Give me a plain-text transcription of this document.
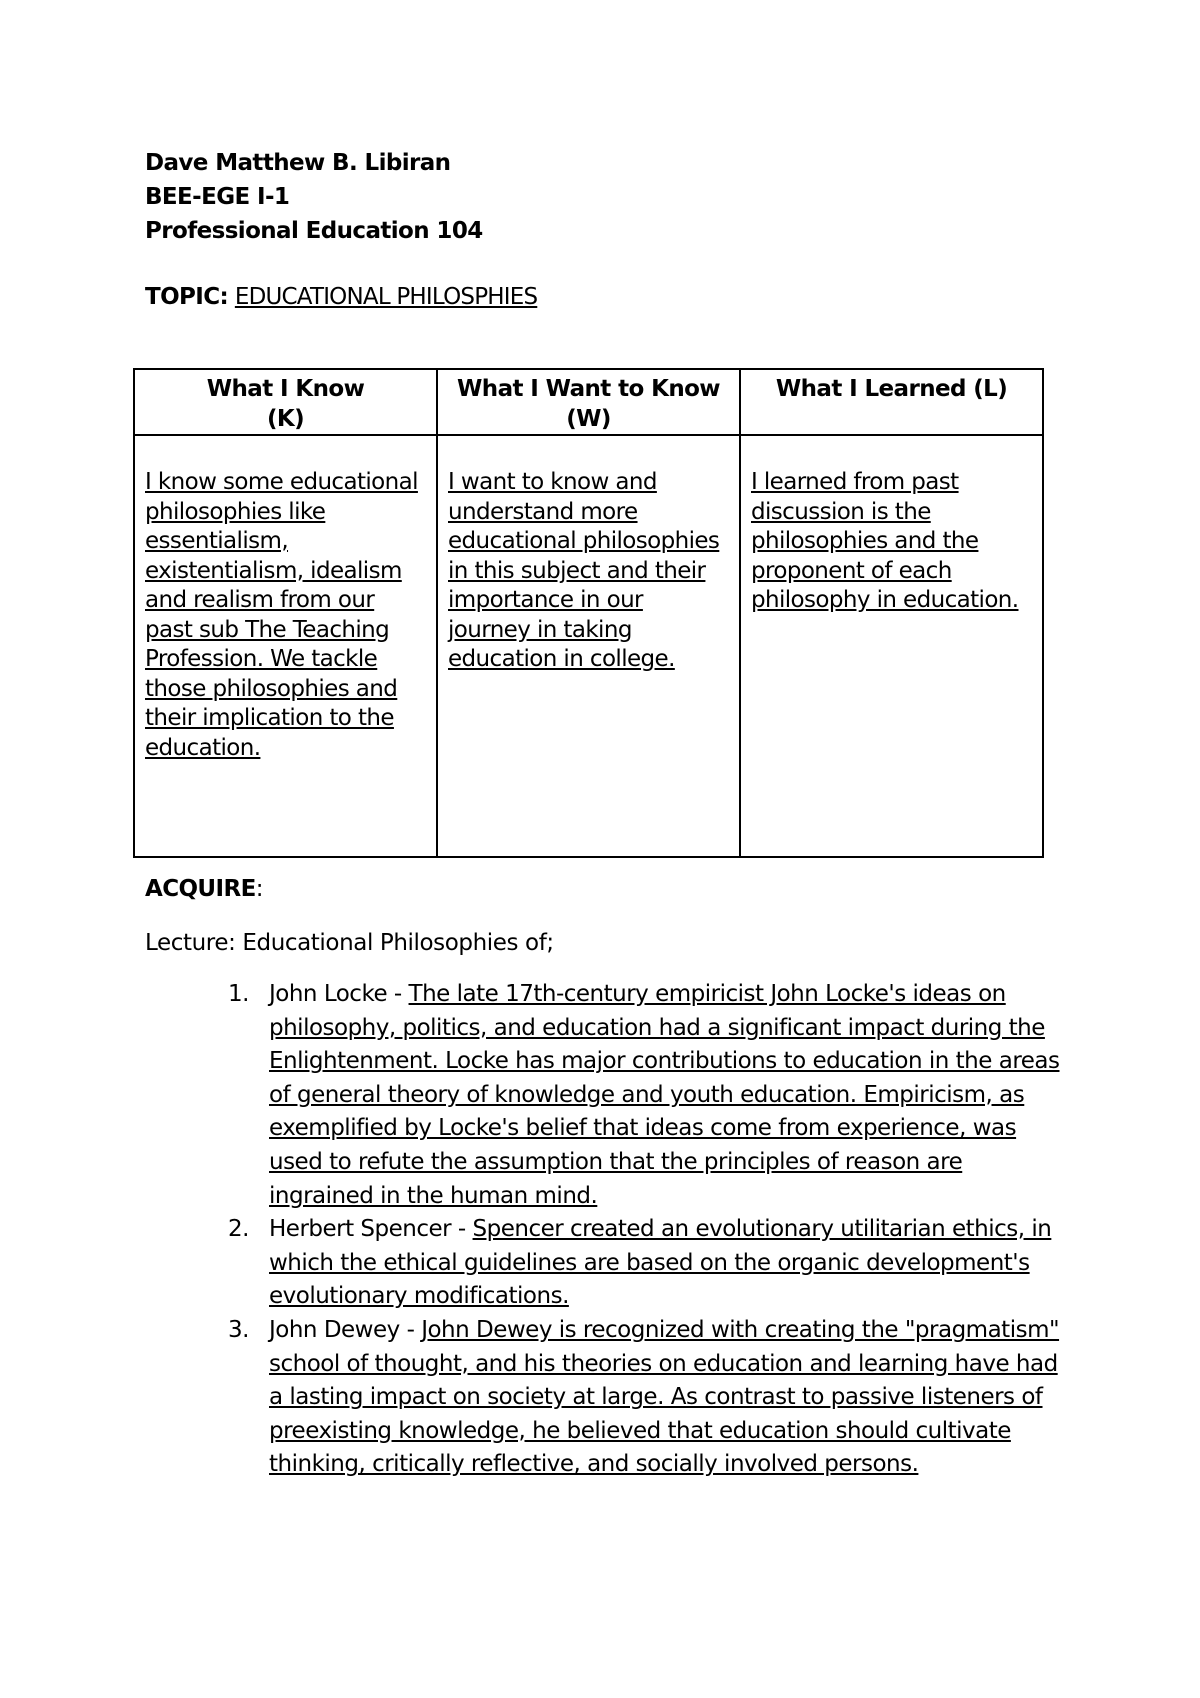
Dave Matthew B. Libiran
BEE-EGE I-1
Professional Education 104
TOPIC: EDUCATIONAL PHILOSPHIES
What I Know
(K)	What I Want to Know
(W)	What I Learned (L)

I know some educational philosophies like essentialism, existentialism, idealism and realism from our past sub The Teaching Profession. We tackle those philosophies and their implication to the education.	I want to know and understand more educational philosophies in this subject and their importance in our journey in taking education in college.	I learned from past discussion is the philosophies and the proponent of each philosophy in education.
ACQUIRE:
Lecture: Educational Philosophies of;
1. John Locke - The late 17th-century empiricist John Locke's ideas on philosophy, politics, and education had a significant impact during the Enlightenment. Locke has major contributions to education in the areas of general theory of knowledge and youth education. Empiricism, as exemplified by Locke's belief that ideas come from experience, was used to refute the assumption that the principles of reason are ingrained in the human mind.
2. Herbert Spencer - Spencer created an evolutionary utilitarian ethics, in which the ethical guidelines are based on the organic development's evolutionary modifications.
3. John Dewey - John Dewey is recognized with creating the "pragmatism" school of thought, and his theories on education and learning have had a lasting impact on society at large. As contrast to passive listeners of preexisting knowledge, he believed that education should cultivate thinking, critically reflective, and socially involved persons.
